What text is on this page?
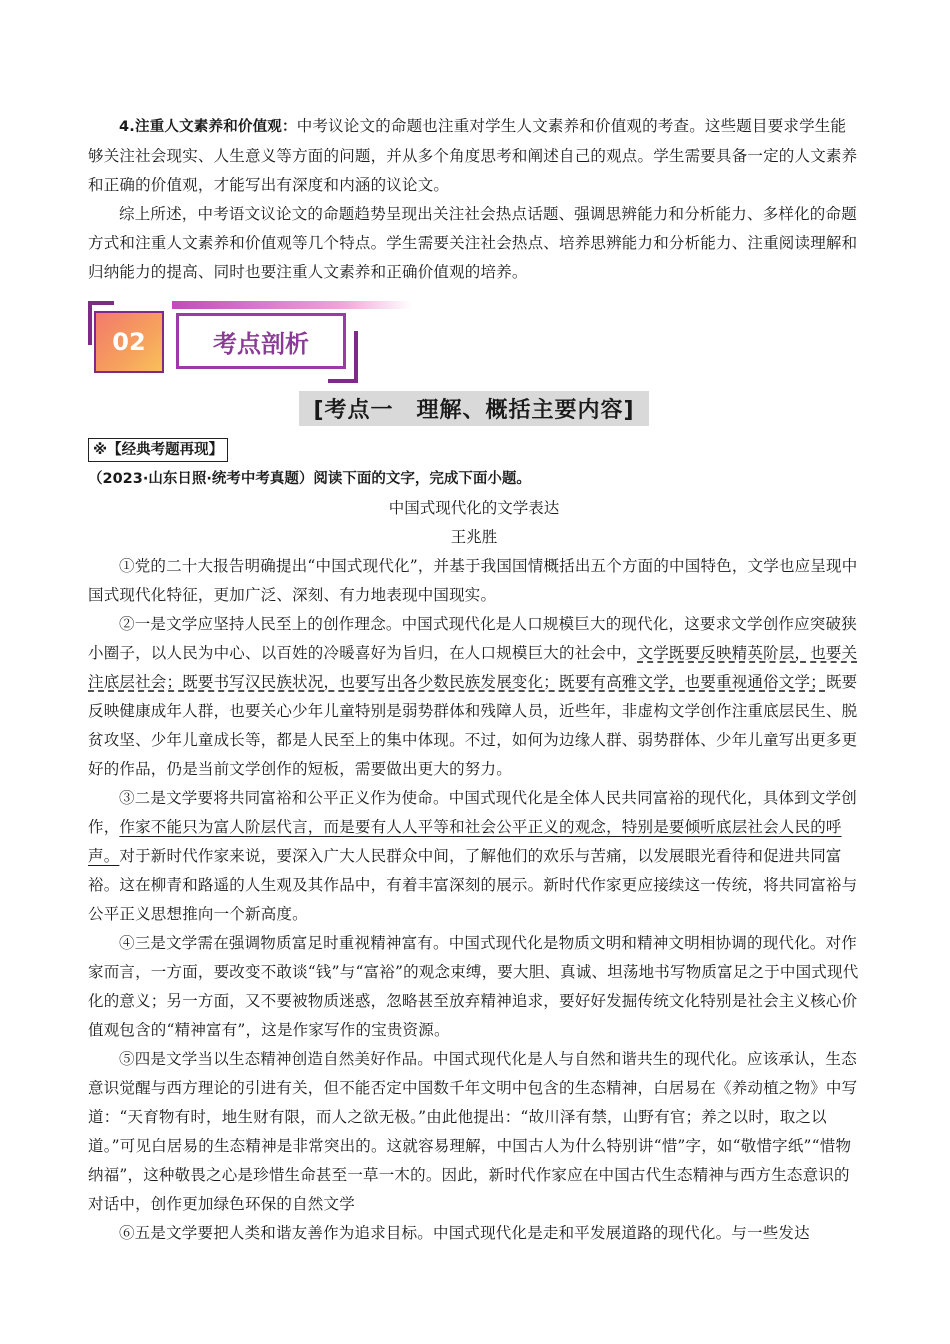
4.注重人文素养和价值观：中考议论文的命题也注重对学生人文素养和价值观的考查。这些题目要求学生能够关注社会现实、人生意义等方面的问题，并从多个角度思考和阐述自己的观点。学生需要具备一定的人文素养和正确的价值观，才能写出有深度和内涵的议论文。

综上所述，中考语文议论文的命题趋势呈现出关注社会热点话题、强调思辨能力和分析能力、多样化的命题方式和注重人文素养和价值观等几个特点。学生需要关注社会热点、培养思辨能力和分析能力、注重阅读理解和归纳能力的提高、同时也要注重人文素养和正确价值观的培养。

02	考点剖析
[考点一　理解、概括主要内容]
※【经典考题再现】

（2023·山东日照·统考中考真题）阅读下面的文字，完成下面小题。

中国式现代化的文学表达

王兆胜

①党的二十大报告明确提出“中国式现代化”，并基于我国国情概括出五个方面的中国特色，文学也应呈现中国式现代化特征，更加广泛、深刻、有力地表现中国现实。

②一是文学应坚持人民至上的创作理念。中国式现代化是人口规模巨大的现代化，这要求文学创作应突破狭小圈子，以人民为中心、以百姓的冷暖喜好为旨归，在人口规模巨大的社会中，文学既要反映精英阶层，也要关注底层社会；既要书写汉民族状况，也要写出各少数民族发展变化；既要有高雅文学，也要重视通俗文学；既要反映健康成年人群，也要关心少年儿童特别是弱势群体和残障人员，近些年，非虚构文学创作注重底层民生、脱贫攻坚、少年儿童成长等，都是人民至上的集中体现。不过，如何为边缘人群、弱势群体、少年儿童写出更多更好的作品，仍是当前文学创作的短板，需要做出更大的努力。

③二是文学要将共同富裕和公平正义作为使命。中国式现代化是全体人民共同富裕的现代化，具体到文学创作，作家不能只为富人阶层代言，而是要有人人平等和社会公平正义的观念，特别是要倾听底层社会人民的呼声。对于新时代作家来说，要深入广大人民群众中间，了解他们的欢乐与苦痛，以发展眼光看待和促进共同富裕。这在柳青和路遥的人生观及其作品中，有着丰富深刻的展示。新时代作家更应接续这一传统，将共同富裕与公平正义思想推向一个新高度。

④三是文学需在强调物质富足时重视精神富有。中国式现代化是物质文明和精神文明相协调的现代化。对作家而言，一方面，要改变不敢谈“钱”与“富裕”的观念束缚，要大胆、真诚、坦荡地书写物质富足之于中国式现代化的意义；另一方面，又不要被物质迷惑，忽略甚至放弃精神追求，要好好发掘传统文化特别是社会主义核心价值观包含的“精神富有”，这是作家写作的宝贵资源。

⑤四是文学当以生态精神创造自然美好作品。中国式现代化是人与自然和谐共生的现代化。应该承认，生态意识觉醒与西方理论的引进有关，但不能否定中国数千年文明中包含的生态精神，白居易在《养动植之物》中写道：“天育物有时，地生财有限，而人之欲无极。”由此他提出：“故川泽有禁，山野有官；养之以时，取之以道。”可见白居易的生态精神是非常突出的。这就容易理解，中国古人为什么特别讲“惜”字，如“敬惜字纸”“惜物纳福”，这种敬畏之心是珍惜生命甚至一草一木的。因此，新时代作家应在中国古代生态精神与西方生态意识的对话中，创作更加绿色环保的自然文学

⑥五是文学要把人类和谐友善作为追求目标。中国式现代化是走和平发展道路的现代化。与一些发达
